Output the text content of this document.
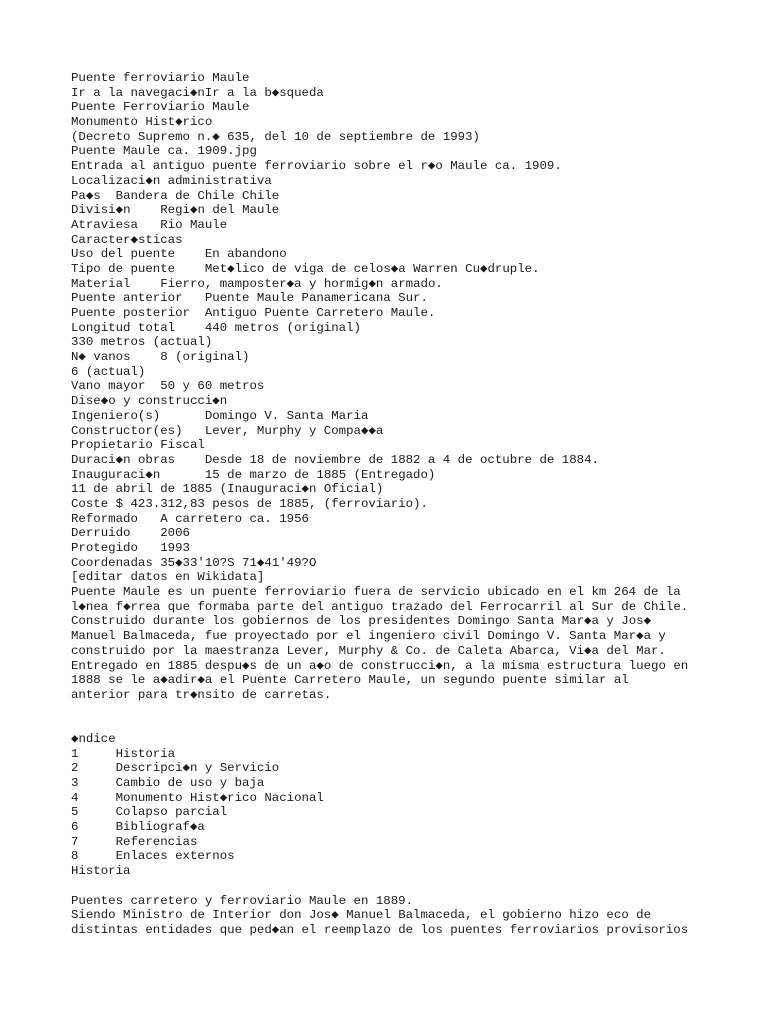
Puente ferroviario Maule
Ir a la navegaci◆nIr a la b◆squeda
Puente Ferroviario Maule
Monumento Hist◆rico
(Decreto Supremo n.◆ 635, del 10 de septiembre de 1993)
Puente Maule ca. 1909.jpg
Entrada al antiguo puente ferroviario sobre el r◆o Maule ca. 1909.
Localizaci◆n administrativa
Pa◆s  Bandera de Chile Chile
Divisi◆n    Regi◆n del Maule
Atraviesa   Rio Maule
Caracter◆sticas
Uso del puente    En abandono
Tipo de puente    Met◆lico de viga de celos◆a Warren Cu◆druple.
Material    Fierro, mamposter◆a y hormig◆n armado.
Puente anterior   Puente Maule Panamericana Sur.
Puente posterior  Antiguo Puente Carretero Maule.
Longitud total    440 metros (original)
330 metros (actual)
N◆ vanos    8 (original)
6 (actual)
Vano mayor  50 y 60 metros
Dise◆o y construcci◆n
Ingeniero(s)      Domingo V. Santa Maria
Constructor(es)   Lever, Murphy y Compa◆◆a
Propietario Fiscal
Duraci◆n obras    Desde 18 de noviembre de 1882 a 4 de octubre de 1884.
Inauguraci◆n      15 de marzo de 1885 (Entregado)
11 de abril de 1885 (Inauguraci◆n Oficial)
Coste $ 423.312,83 pesos de 1885, (ferroviario).
Reformado   A carretero ca. 1956
Derruido    2006
Protegido   1993
Coordenadas 35◆33'10?S 71◆41'49?O
[editar datos en Wikidata]
Puente Maule es un puente ferroviario fuera de servicio ubicado en el km 264 de la
l◆nea f◆rrea que formaba parte del antiguo trazado del Ferrocarril al Sur de Chile.
Construido durante los gobiernos de los presidentes Domingo Santa Mar◆a y Jos◆
Manuel Balmaceda, fue proyectado por el ingeniero civil Domingo V. Santa Mar◆a y
construido por la maestranza Lever, Murphy & Co. de Caleta Abarca, Vi◆a del Mar.
Entregado en 1885 despu◆s de un a◆o de construcci◆n, a la misma estructura luego en
1888 se le a◆adir◆a el Puente Carretero Maule, un segundo puente similar al
anterior para tr◆nsito de carretas.
◆ndice
1     Historia
2     Descripci◆n y Servicio
3     Cambio de uso y baja
4     Monumento Hist◆rico Nacional
5     Colapso parcial
6     Bibliograf◆a
7     Referencias
8     Enlaces externos
Historia
Puentes carretero y ferroviario Maule en 1889.
Siendo Ministro de Interior don Jos◆ Manuel Balmaceda, el gobierno hizo eco de
distintas entidades que ped◆an el reemplazo de los puentes ferroviarios provisorios
